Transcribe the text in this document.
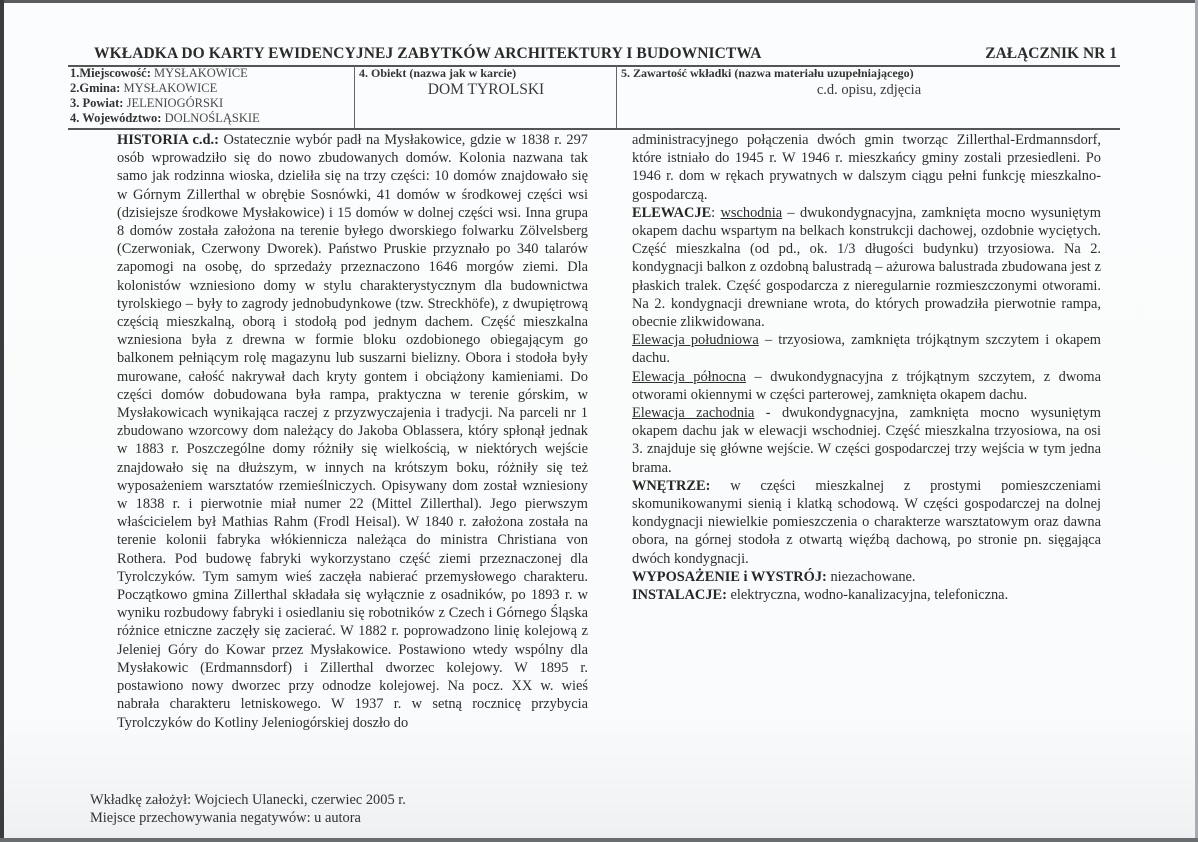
WKŁADKA DO KARTY EWIDENCYJNEJ ZABYTKÓW ARCHITEKTURY I BUDOWNICTWA	ZAŁĄCZNIK NR 1
1.Miejscowość: MYSŁAKOWICE
2.Gmina: MYSŁAKOWICE
3. Powiat: JELENIOGÓRSKI
4. Województwo: DOLNOŚLĄSKIE
4. Obiekt (nazwa jak w karcie)
DOM TYROLSKI
5. Zawartość wkładki (nazwa materiału uzupełniającego)
c.d. opisu, zdjęcia

HISTORIA c.d.: Ostatecznie wybór padł na Mysłakowice, gdzie w 1838 r. 297 osób wprowadziło się do nowo zbudowanych domów. Kolonia nazwana tak samo jak rodzinna wioska, dzieliła się na trzy części: 10 domów znajdowało się w Górnym Zillerthal w obrębie Sosnówki, 41 domów w środkowej części wsi (dzisiejsze środkowe Mysłakowice) i 15 domów w dolnej części wsi. Inna grupa 8 domów została założona na terenie byłego dworskiego folwarku Zölvelsberg (Czerwoniak, Czerwony Dworek). Państwo Pruskie przyznało po 340 talarów zapomogi na osobę, do sprzedaży przeznaczono 1646 morgów ziemi. Dla kolonistów wzniesiono domy w stylu charakterystycznym dla budownictwa tyrolskiego – były to zagrody jednobudynkowe (tzw. Streckhöfe), z dwupiętrową częścią mieszkalną, oborą i stodołą pod jednym dachem. Część mieszkalna wzniesiona była z drewna w formie bloku ozdobionego obiegającym go balkonem pełniącym rolę magazynu lub suszarni bielizny. Obora i stodoła były murowane, całość nakrywał dach kryty gontem i obciążony kamieniami. Do części domów dobudowana była rampa, praktyczna w terenie górskim, w Mysłakowicach wynikająca raczej z przyzwyczajenia i tradycji. Na parceli nr 1 zbudowano wzorcowy dom należący do Jakoba Oblassera, który spłonął jednak w 1883 r. Poszczególne domy różniły się wielkością, w niektórych wejście znajdowało się na dłuższym, w innych na krótszym boku, różniły się też wyposażeniem warsztatów rzemieślniczych. Opisywany dom został wzniesiony w 1838 r. i pierwotnie miał numer 22 (Mittel Zillerthal). Jego pierwszym właścicielem był Mathias Rahm (Frodl Heisal). W 1840 r. założona została na terenie kolonii fabryka włókiennicza należąca do ministra Christiana von Rothera. Pod budowę fabryki wykorzystano część ziemi przeznaczonej dla Tyrolczyków. Tym samym wieś zaczęła nabierać przemysłowego charakteru. Początkowo gmina Zillerthal składała się wyłącznie z osadników, po 1893 r. w wyniku rozbudowy fabryki i osiedlaniu się robotników z Czech i Górnego Śląska różnice etniczne zaczęły się zacierać. W 1882 r. poprowadzono linię kolejową z Jeleniej Góry do Kowar przez Mysłakowice. Postawiono wtedy wspólny dla Mysłakowic (Erdmannsdorf) i Zillerthal dworzec kolejowy. W 1895 r. postawiono nowy dworzec przy odnodze kolejowej. Na pocz. XX w. wieś nabrała charakteru letniskowego. W 1937 r. w setną rocznicę przybycia Tyrolczyków do Kotliny Jeleniogórskiej doszło do

administracyjnego połączenia dwóch gmin tworząc Zillerthal-Erdmannsdorf, które istniało do 1945 r. W 1946 r. mieszkańcy gminy zostali przesiedleni. Po 1946 r. dom w rękach prywatnych w dalszym ciągu pełni funkcję mieszkalno-gospodarczą.

ELEWACJE: wschodnia – dwukondygnacyjna, zamknięta mocno wysuniętym okapem dachu wspartym na belkach konstrukcji dachowej, ozdobnie wyciętych. Część mieszkalna (od pd., ok. 1/3 długości budynku) trzyosiowa. Na 2. kondygnacji balkon z ozdobną balustradą – ażurowa balustrada zbudowana jest z płaskich tralek. Część gospodarcza z nieregularnie rozmieszczonymi otworami. Na 2. kondygnacji drewniane wrota, do których prowadziła pierwotnie rampa, obecnie zlikwidowana.

Elewacja południowa – trzyosiowa, zamknięta trójkątnym szczytem i okapem dachu.

Elewacja północna – dwukondygnacyjna z trójkątnym szczytem, z dwoma otworami okiennymi w części parterowej, zamknięta okapem dachu.

Elewacja zachodnia - dwukondygnacyjna, zamknięta mocno wysuniętym okapem dachu jak w elewacji wschodniej. Część mieszkalna trzyosiowa, na osi 3. znajduje się główne wejście. W części gospodarczej trzy wejścia w tym jedna brama.

WNĘTRZE: w części mieszkalnej z prostymi pomieszczeniami skomunikowanymi sienią i klatką schodową. W części gospodarczej na dolnej kondygnacji niewielkie pomieszczenia o charakterze warsztatowym oraz dawna obora, na górnej stodoła z otwartą więźbą dachową, po stronie pn. sięgająca dwóch kondygnacji.

WYPOSAŻENIE i WYSTRÓJ: niezachowane.

INSTALACJE: elektryczna, wodno-kanalizacyjna, telefoniczna.

Wkładkę założył: Wojciech Ulanecki, czerwiec 2005 r.
Miejsce przechowywania negatywów: u autora
